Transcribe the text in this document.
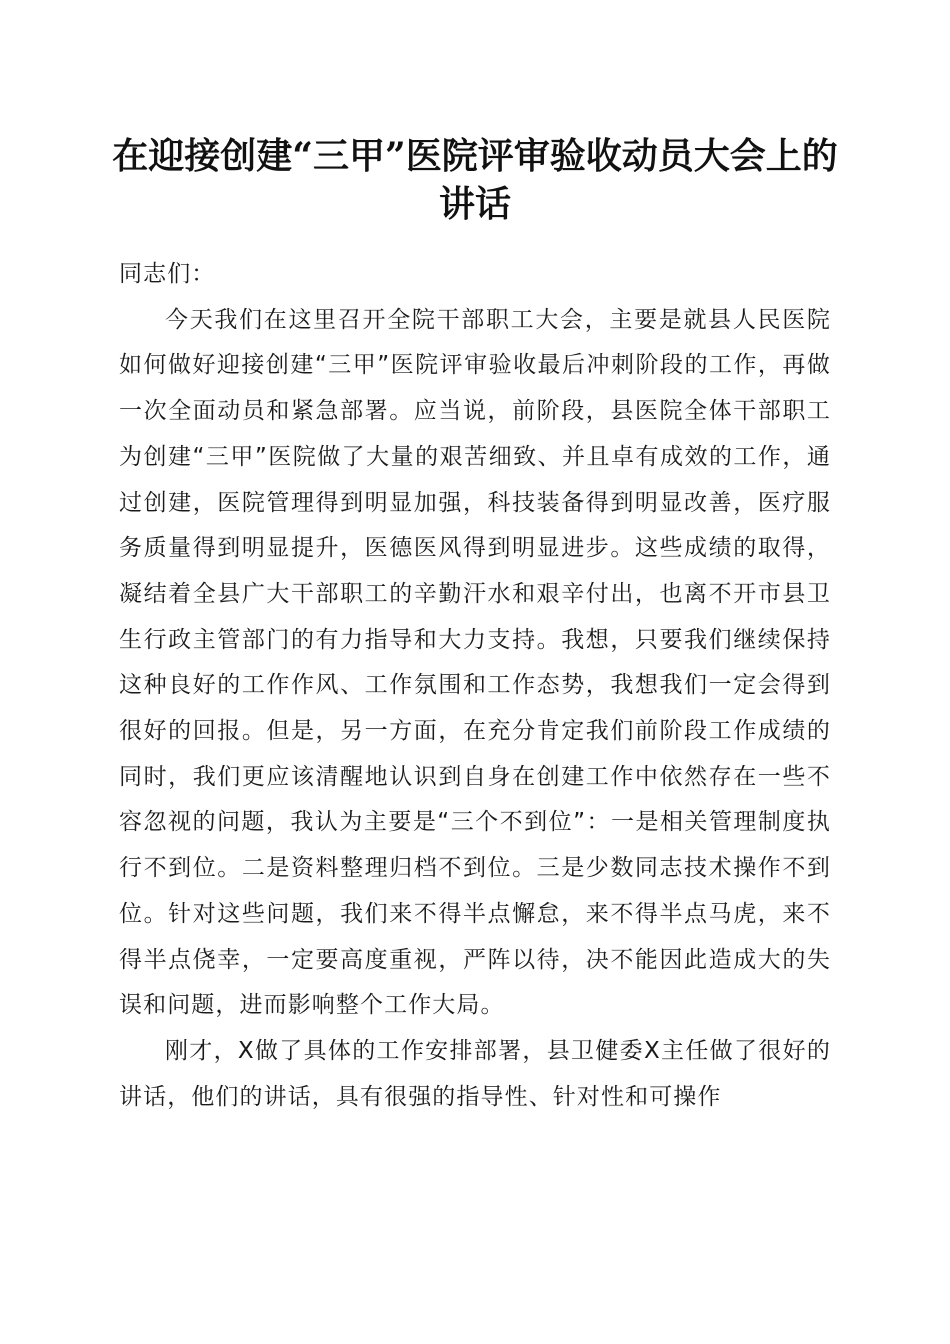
在迎接创建“三甲”医院评审验收动员大会上的讲话

同志们：

今天我们在这里召开全院干部职工大会，主要是就县人民医院如何做好迎接创建“三甲”医院评审验收最后冲刺阶段的工作，再做一次全面动员和紧急部署。应当说，前阶段，县医院全体干部职工为创建“三甲”医院做了大量的艰苦细致、并且卓有成效的工作，通过创建，医院管理得到明显加强，科技装备得到明显改善，医疗服务质量得到明显提升，医德医风得到明显进步。这些成绩的取得，凝结着全县广大干部职工的辛勤汗水和艰辛付出，也离不开市县卫生行政主管部门的有力指导和大力支持。我想，只要我们继续保持这种良好的工作作风、工作氛围和工作态势，我想我们一定会得到很好的回报。但是，另一方面，在充分肯定我们前阶段工作成绩的同时，我们更应该清醒地认识到自身在创建工作中依然存在一些不容忽视的问题，我认为主要是“三个不到位”：一是相关管理制度执行不到位。二是资料整理归档不到位。三是少数同志技术操作不到位。针对这些问题，我们来不得半点懈怠，来不得半点马虎，来不得半点侥幸，一定要高度重视，严阵以待，决不能因此造成大的失误和问题，进而影响整个工作大局。

刚才，X做了具体的工作安排部署，县卫健委X主任做了很好的讲话，他们的讲话，具有很强的指导性、针对性和可操作
